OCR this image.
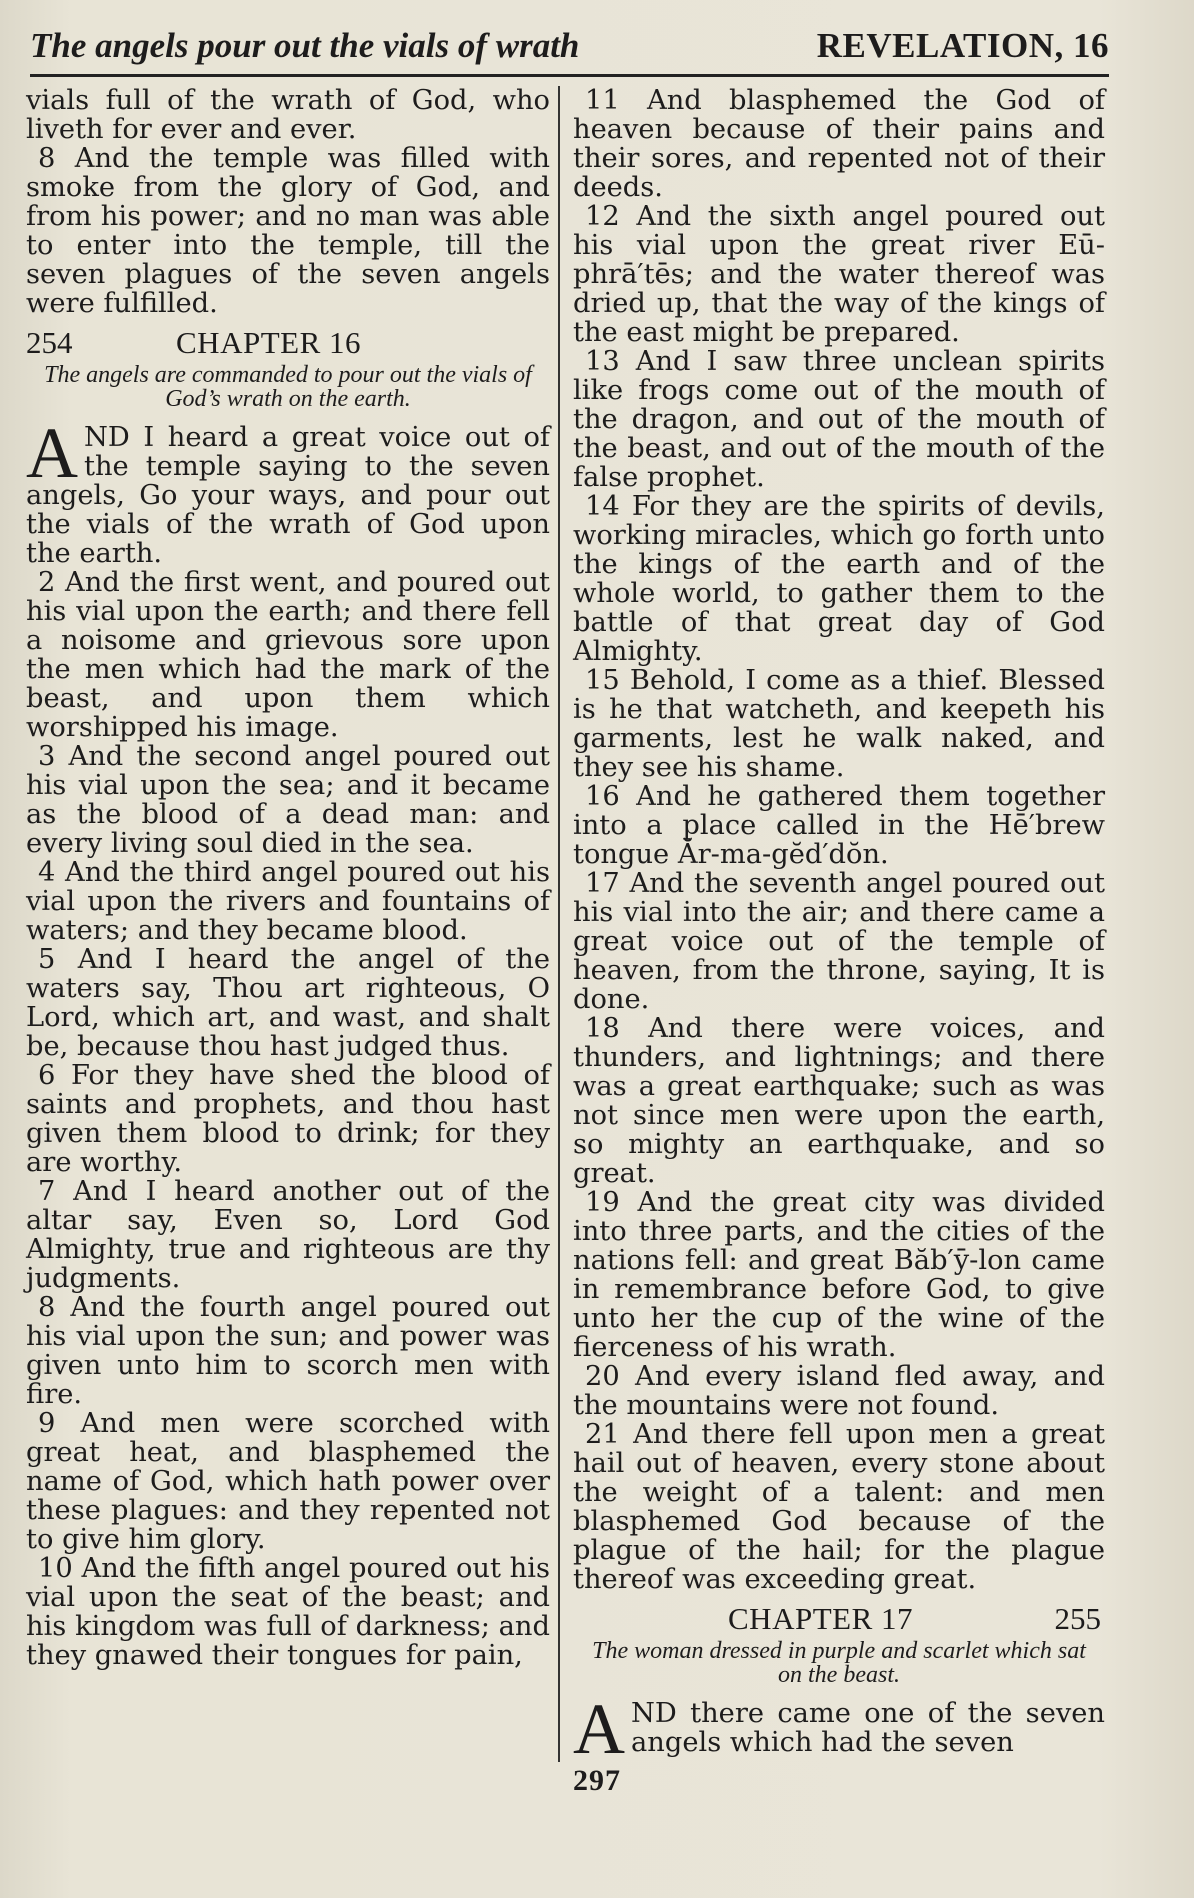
The angels pour out the vials of wrath	REVELATION, 16

vials full of the wrath of God, who liveth for ever and ever.

8 And the temple was filled with smoke from the glory of God, and from his power; and no man was able to enter into the temple, till the seven plagues of the seven angels were fulfilled.

254	CHAPTER 16
The angels are commanded to pour out the vials of God’s wrath on the earth.

AND I heard a great voice out of the temple saying to the seven angels, Go your ways, and pour out the vials of the wrath of God upon the earth.

2 And the first went, and poured out his vial upon the earth; and there fell a noisome and grievous sore upon the men which had the mark of the beast, and upon them which worshipped his image.

3 And the second angel poured out his vial upon the sea; and it became as the blood of a dead man: and every living soul died in the sea.

4 And the third angel poured out his vial upon the rivers and fountains of waters; and they became blood.

5 And I heard the angel of the waters say, Thou art righteous, O Lord, which art, and wast, and shalt be, because thou hast judged thus.

6 For they have shed the blood of saints and prophets, and thou hast given them blood to drink; for they are worthy.

7 And I heard another out of the altar say, Even so, Lord God Almighty, true and righteous are thy judgments.

8 And the fourth angel poured out his vial upon the sun; and power was given unto him to scorch men with fire.

9 And men were scorched with great heat, and blasphemed the name of God, which hath power over these plagues: and they repented not to give him glory.

10 And the fifth angel poured out his vial upon the seat of the beast; and his kingdom was full of darkness; and they gnawed their tongues for pain,

11 And blasphemed the God of heaven because of their pains and their sores, and repented not of their deeds.

12 And the sixth angel poured out his vial upon the great river Eū-phrā′tēs; and the water thereof was dried up, that the way of the kings of the east might be prepared.

13 And I saw three unclean spirits like frogs come out of the mouth of the dragon, and out of the mouth of the beast, and out of the mouth of the false prophet.

14 For they are the spirits of devils, working miracles, which go forth unto the kings of the earth and of the whole world, to gather them to the battle of that great day of God Almighty.

15 Behold, I come as a thief. Blessed is he that watcheth, and keepeth his garments, lest he walk naked, and they see his shame.

16 And he gathered them together into a place called in the Hē′brew tongue Ăr-ma-gĕd′dŏn.

17 And the seventh angel poured out his vial into the air; and there came a great voice out of the temple of heaven, from the throne, saying, It is done.

18 And there were voices, and thunders, and lightnings; and there was a great earthquake; such as was not since men were upon the earth, so mighty an earthquake, and so great.

19 And the great city was divided into three parts, and the cities of the nations fell: and great Băb′ȳ-lon came in remembrance before God, to give unto her the cup of the wine of the fierceness of his wrath.

20 And every island fled away, and the mountains were not found.

21 And there fell upon men a great hail out of heaven, every stone about the weight of a talent: and men blasphemed God because of the plague of the hail; for the plague thereof was exceeding great.

CHAPTER 17	255
The woman dressed in purple and scarlet which sat on the beast.

AND there came one of the seven angels which had the seven

297
